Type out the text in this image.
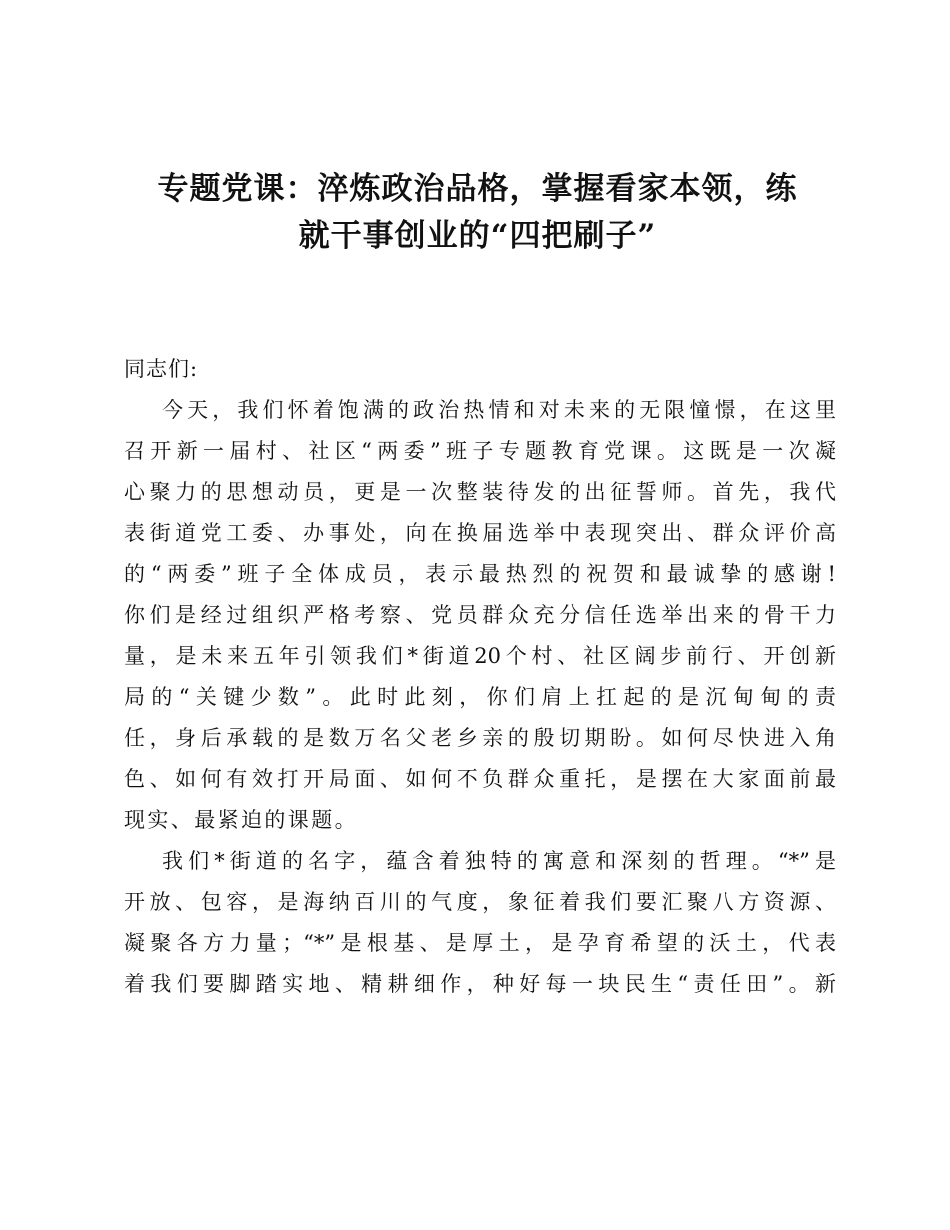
专题党课：淬炼政治品格，掌握看家本领，练
就干事创业的“四把刷子”
同志们:
今天，我们怀着饱满的政治热情和对未来的无限憧憬，在这里
召开新一届村、社区“两委”班子专题教育党课。这既是一次凝
心聚力的思想动员，更是一次整装待发的出征誓师。首先，我代
表街道党工委、办事处，向在换届选举中表现突出、群众评价高
的“两委”班子全体成员，表示最热烈的祝贺和最诚挚的感谢!
你们是经过组织严格考察、党员群众充分信任选举出来的骨干力
量，是未来五年引领我们*街道20个村、社区阔步前行、开创新
局的“关键少数”。此时此刻，你们肩上扛起的是沉甸甸的责
任，身后承载的是数万名父老乡亲的殷切期盼。如何尽快进入角
色、如何有效打开局面、如何不负群众重托，是摆在大家面前最
现实、最紧迫的课题。
我们*街道的名字，蕴含着独特的寓意和深刻的哲理。“*”是
开放、包容，是海纳百川的气度，象征着我们要汇聚八方资源、
凝聚各方力量；“*”是根基、是厚土，是孕育希望的沃土，代表
着我们要脚踏实地、精耕细作，种好每一块民生“责任田”。新
